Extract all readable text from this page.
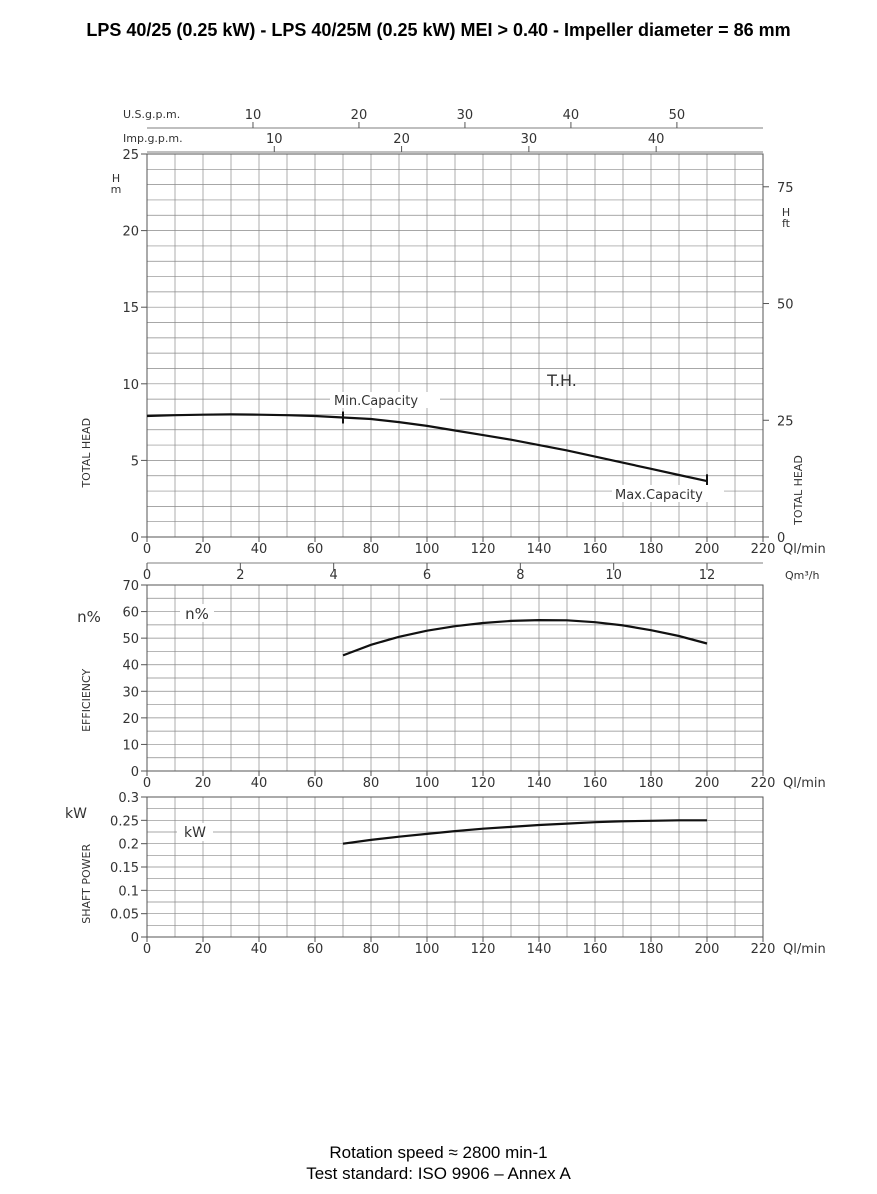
LPS 40/25 (0.25 kW) - LPS 40/25M (0.25 kW) MEI > 0.40 - Impeller diameter = 86 mm
0
5
10
15
20
25
0	20	40	60	80	100 120 140 160 180 200 220 Ql/min
TOTAL HEAD
U.S.g.p.m.	10	20	30	40	50
Imp.g.p.m.	10	20	30	40
0
25
50
75
H
m
H
ft
TOTAL HEAD
T.H.
Min.Capacity
Max.Capacity
0
10
20
30
40
50
60
70
0	20	40	60	80	100 120 140 160 180 200 220 Ql/min
EFFICIENCY
0	2	4	6	8	10	12	Qm³/h
n%	n%
0
0.05
0.1
0.15
0.2
0.25
0.3
0	20	40	60	80	100 120 140 160 180 200 220 Ql/min
SHAFT POWER
kW
kW
Rotation speed ≈ 2800 min-1
Test standard: ISO 9906 – Annex A
